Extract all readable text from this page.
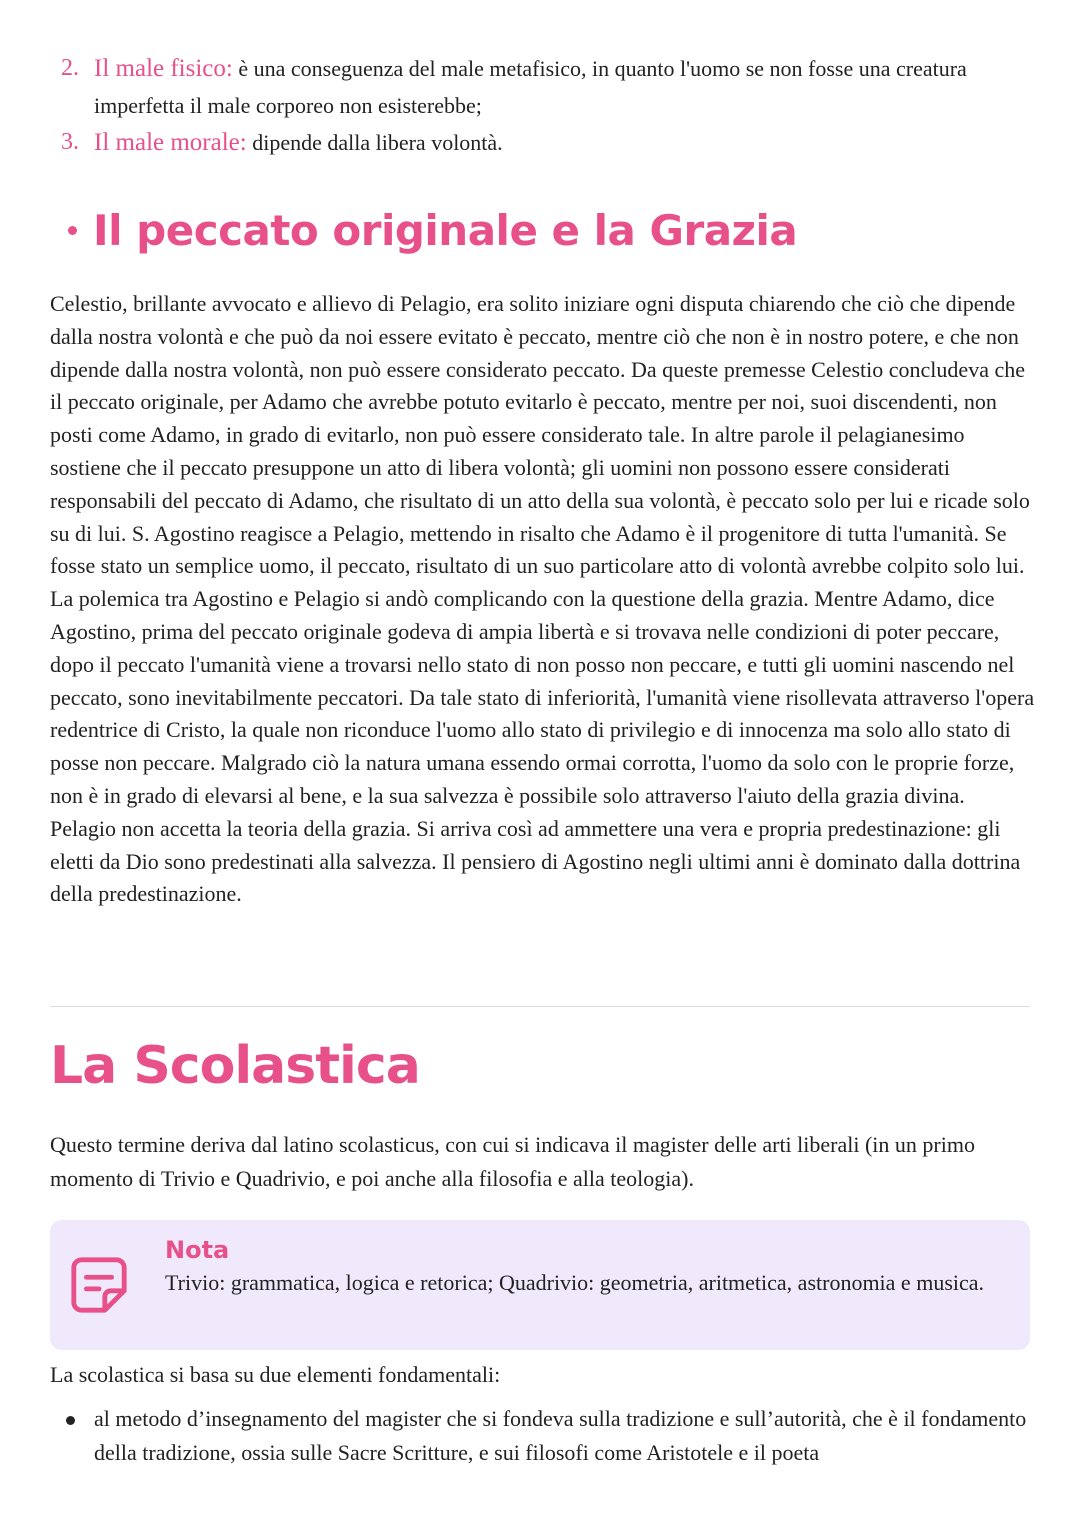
2. Il male fisico: è una conseguenza del male metafisico, in quanto l'uomo se non fosse una creatura imperfetta il male corporeo non esisterebbe;
3. Il male morale: dipende dalla libera volontà.
Il peccato originale e la Grazia

Celestio, brillante avvocato e allievo di Pelagio, era solito iniziare ogni disputa chiarendo che ciò che dipende dalla nostra volontà e che può da noi essere evitato è peccato, mentre ciò che non è in nostro potere, e che non dipende dalla nostra volontà, non può essere considerato peccato. Da queste premesse Celestio concludeva che il peccato originale, per Adamo che avrebbe potuto evitarlo è peccato, mentre per noi, suoi discendenti, non posti come Adamo, in grado di evitarlo, non può essere considerato tale. In altre parole il pelagianesimo sostiene che il peccato presuppone un atto di libera volontà; gli uomini non possono essere considerati responsabili del peccato di Adamo, che risultato di un atto della sua volontà, è peccato solo per lui e ricade solo su di lui. S. Agostino reagisce a Pelagio, mettendo in risalto che Adamo è il progenitore di tutta l'umanità. Se fosse stato un semplice uomo, il peccato, risultato di un suo particolare atto di volontà avrebbe colpito solo lui. La polemica tra Agostino e Pelagio si andò complicando con la questione della grazia. Mentre Adamo, dice Agostino, prima del peccato originale godeva di ampia libertà e si trovava nelle condizioni di poter peccare, dopo il peccato l'umanità viene a trovarsi nello stato di non posso non peccare, e tutti gli uomini nascendo nel peccato, sono inevitabilmente peccatori. Da tale stato di inferiorità, l'umanità viene risollevata attraverso l'opera redentrice di Cristo, la quale non riconduce l'uomo allo stato di privilegio e di innocenza ma solo allo stato di posse non peccare. Malgrado ciò la natura umana essendo ormai corrotta, l'uomo da solo con le proprie forze, non è in grado di elevarsi al bene, e la sua salvezza è possibile solo attraverso l'aiuto della grazia divina. Pelagio non accetta la teoria della grazia. Si arriva così ad ammettere una vera e propria predestinazione: gli eletti da Dio sono predestinati alla salvezza. Il pensiero di Agostino negli ultimi anni è dominato dalla dottrina della predestinazione.

La Scolastica

Questo termine deriva dal latino scolasticus, con cui si indicava il magister delle arti liberali (in un primo momento di Trivio e Quadrivio, e poi anche alla filosofia e alla teologia).

Nota
Trivio: grammatica, logica e retorica; Quadrivio: geometria, aritmetica, astronomia e musica.

La scolastica si basa su due elementi fondamentali:

al metodo d’insegnamento del magister che si fondeva sulla tradizione e sull’autorità, che è il fondamento della tradizione, ossia sulle Sacre Scritture, e sui filosofi come Aristotele e il poeta
